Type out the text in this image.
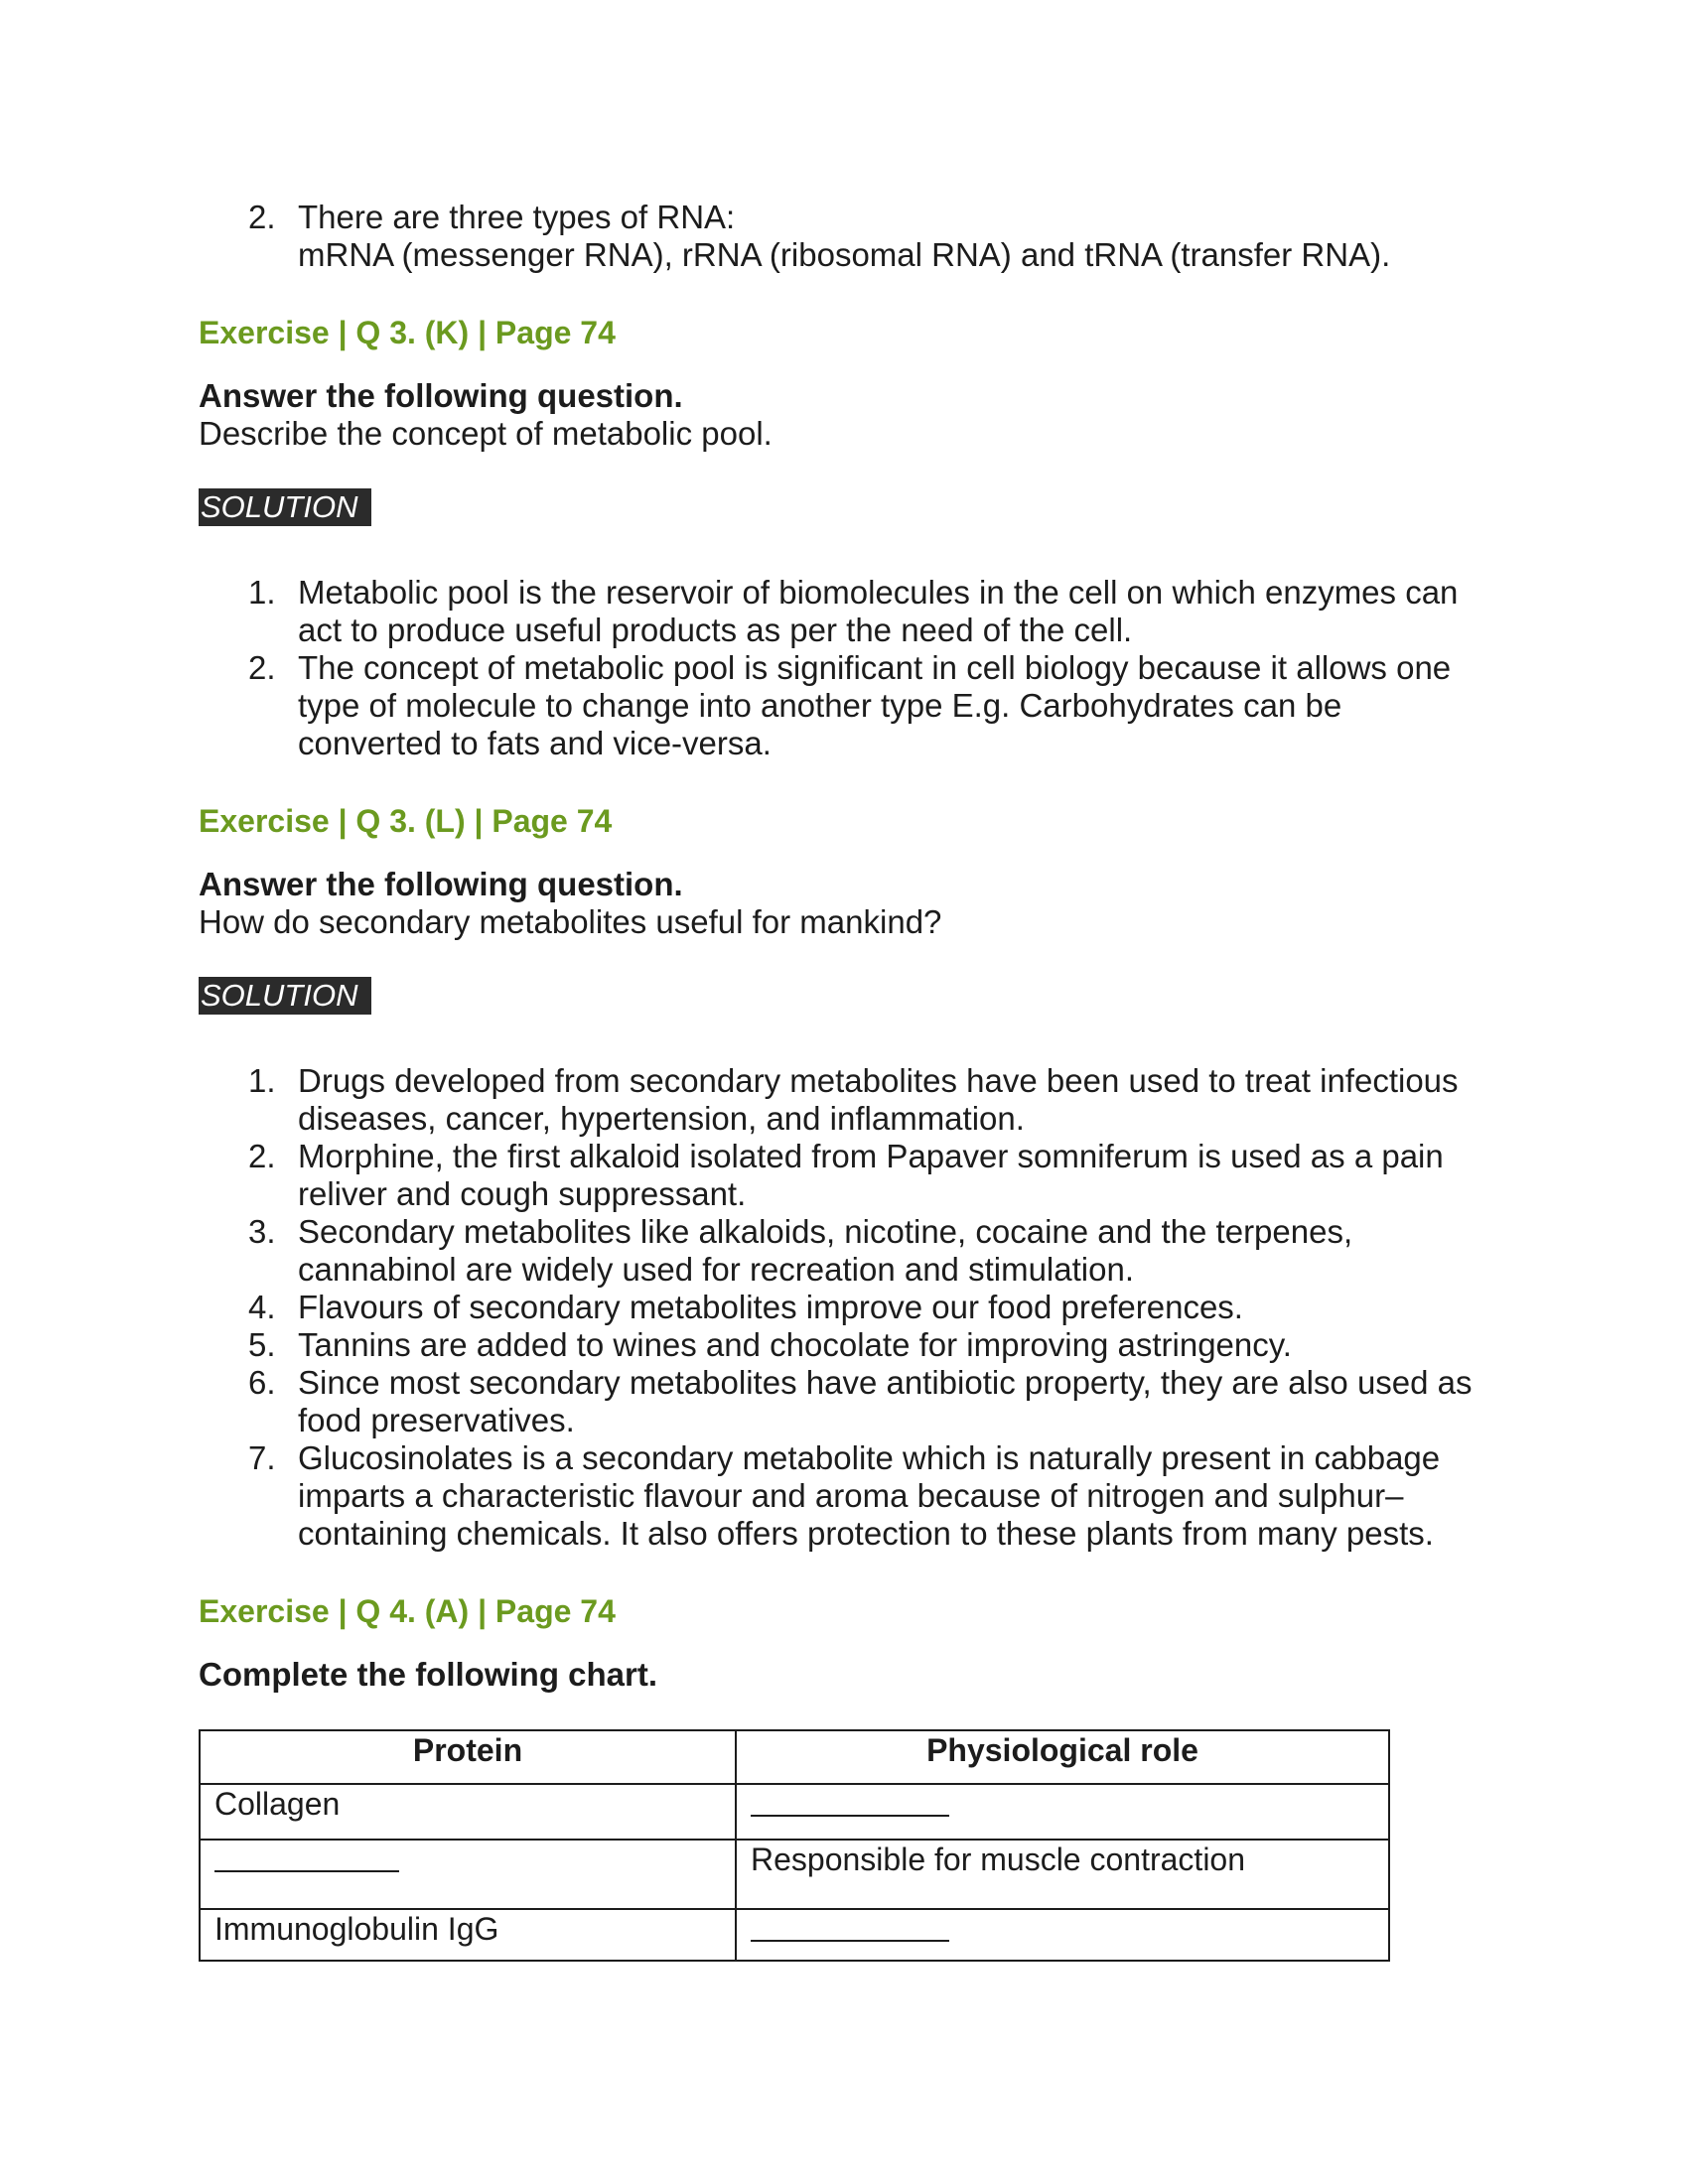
2. There are three types of RNA:
mRNA (messenger RNA), rRNA (ribosomal RNA) and tRNA (transfer RNA).

Exercise | Q 3. (K) | Page 74

Answer the following question.

Describe the concept of metabolic pool.

SOLUTION
1. Metabolic pool is the reservoir of biomolecules in the cell on which enzymes can
act to produce useful products as per the need of the cell.
2. The concept of metabolic pool is significant in cell biology because it allows one
type of molecule to change into another type E.g. Carbohydrates can be
converted to fats and vice-versa.

Exercise | Q 3. (L) | Page 74

Answer the following question.

How do secondary metabolites useful for mankind?

SOLUTION
1. Drugs developed from secondary metabolites have been used to treat infectious
diseases, cancer, hypertension, and inflammation.
2. Morphine, the first alkaloid isolated from Papaver somniferum is used as a pain
reliver and cough suppressant.
3. Secondary metabolites like alkaloids, nicotine, cocaine and the terpenes,
cannabinol are widely used for recreation and stimulation.
4. Flavours of secondary metabolites improve our food preferences.
5. Tannins are added to wines and chocolate for improving astringency.
6. Since most secondary metabolites have antibiotic property, they are also used as
food preservatives.
7. Glucosinolates is a secondary metabolite which is naturally present in cabbage
imparts a characteristic flavour and aroma because of nitrogen and sulphur–
containing chemicals. It also offers protection to these plants from many pests.

Exercise | Q 4. (A) | Page 74

Complete the following chart.

Protein	Physiological role
Collagen	
	Responsible for muscle contraction
Immunoglobulin IgG	
